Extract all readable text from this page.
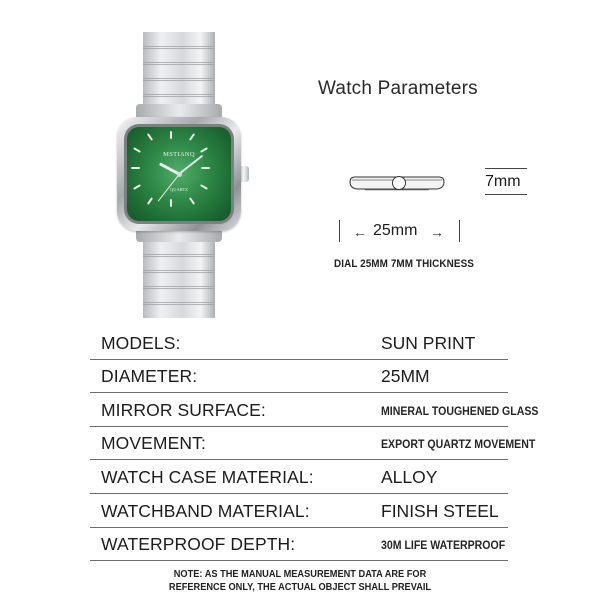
MSTIANQ
QUARTZ
Watch Parameters
7mm
← 25mm →
DIAL 25MM 7MM THICKNESS
MODELS:	SUN PRINT
DIAMETER:	25MM
MIRROR SURFACE:	MINERAL TOUGHENED GLASS
MOVEMENT:	EXPORT QUARTZ MOVEMENT
WATCH CASE MATERIAL:	ALLOY
WATCHBAND MATERIAL:	FINISH STEEL
WATERPROOF DEPTH:	30M LIFE WATERPROOF
NOTE: AS THE MANUAL MEASUREMENT DATA ARE FOR
REFERENCE ONLY, THE ACTUAL OBJECT SHALL PREVAIL
